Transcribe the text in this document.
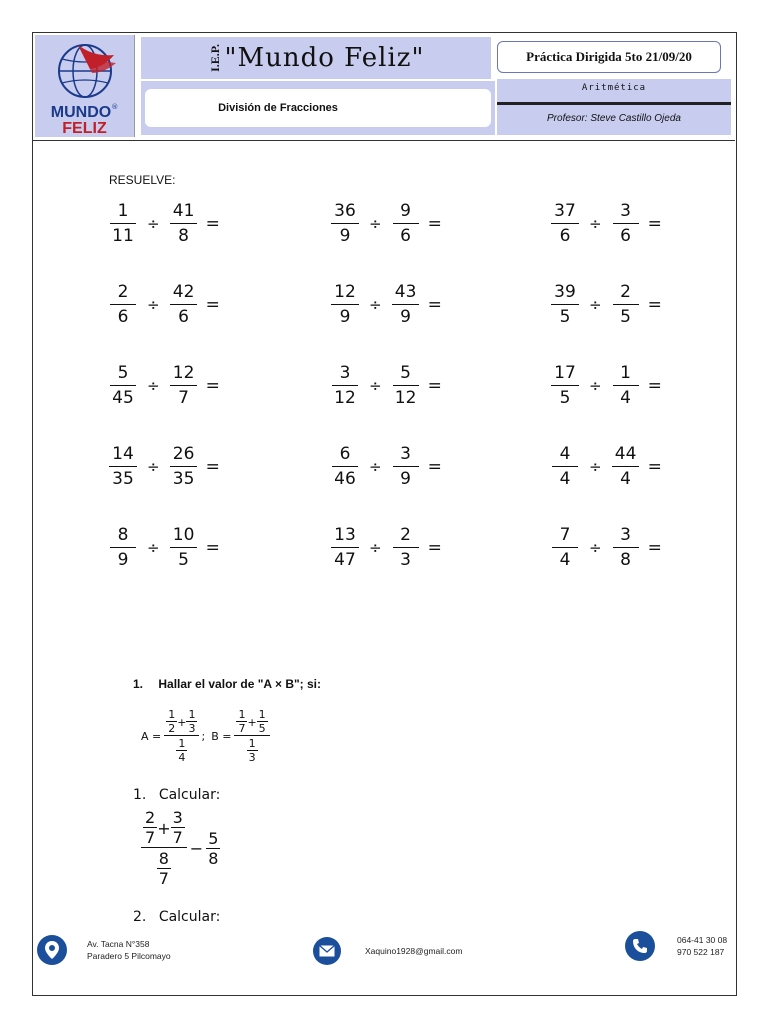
MUNDO ®
FELIZ
I.E.P. "Mundo Feliz"	Práctica Dirigida 5to 21/09/20
División de Fracciones
Aritmética
Profesor: Steve Castillo Ojeda
RESUELVE:
$\frac{1}{11} \div \frac{41}{8}$ =	$\frac{36}{9} \div \frac{9}{6}$ =	$\frac{37}{6} \div \frac{3}{6}$ =
$\frac{2}{6} \div \frac{42}{6}$ =	$\frac{12}{9} \div \frac{43}{9}$ =	$\frac{39}{5} \div \frac{2}{5}$ =
$\frac{5}{45} \div \frac{12}{7}$ =	$\frac{3}{12} \div \frac{5}{12}$ =	$\frac{17}{5} \div \frac{1}{4}$ =
$\frac{14}{35} \div \frac{26}{35}$ =	$\frac{6}{46} \div \frac{3}{9}$ =	$\frac{4}{4} \div \frac{44}{4}$ =
$\frac{8}{9} \div \frac{10}{5}$ =	$\frac{13}{47} \div \frac{2}{3}$ =	$\frac{7}{4} \div \frac{3}{8}$ =
1. Hallar el valor de "A × B"; si:
$A = \frac{\frac{1}{2} + \frac{1}{3}}{\frac{1}{4}}$ ; $B = \frac{\frac{1}{7} + \frac{1}{5}}{\frac{1}{3}}$
1. Calcular:
$\frac{2}{7} + \frac{3}{7}$
$\frac{8}{7}$
− $\frac{5}{8}$
2. Calcular:
Av. Tacna N°358
Paradero 5 Pilcomayo	Xaquino1928@gmail.com
064-41 30 08
970 522 187
